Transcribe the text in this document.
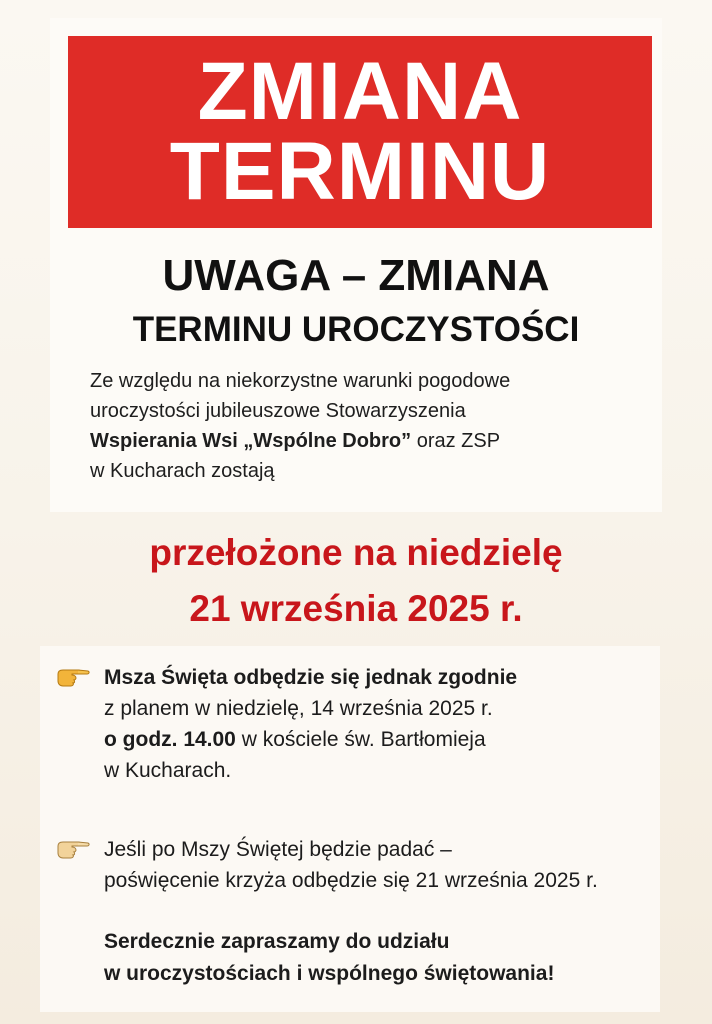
ZMIANA
TERMINU
UWAGA – ZMIANA
TERMINU UROCZYSTOŚCI
Ze względu na niekorzystne warunki pogodowe
uroczystości jubileuszowe Stowarzyszenia
Wspierania Wsi „Wspólne Dobro” oraz ZSP
w Kucharach zostają
przełożone na niedzielę
21 września 2025 r.
Msza Święta odbędzie się jednak zgodnie
z planem w niedzielę, 14 września 2025 r.
o godz. 14.00 w kościele św. Bartłomieja
w Kucharach.
Jeśli po Mszy Świętej będzie padać –
poświęcenie krzyża odbędzie się 21 września 2025 r.
Serdecznie zapraszamy do udziału
w uroczystościach i wspólnego świętowania!
